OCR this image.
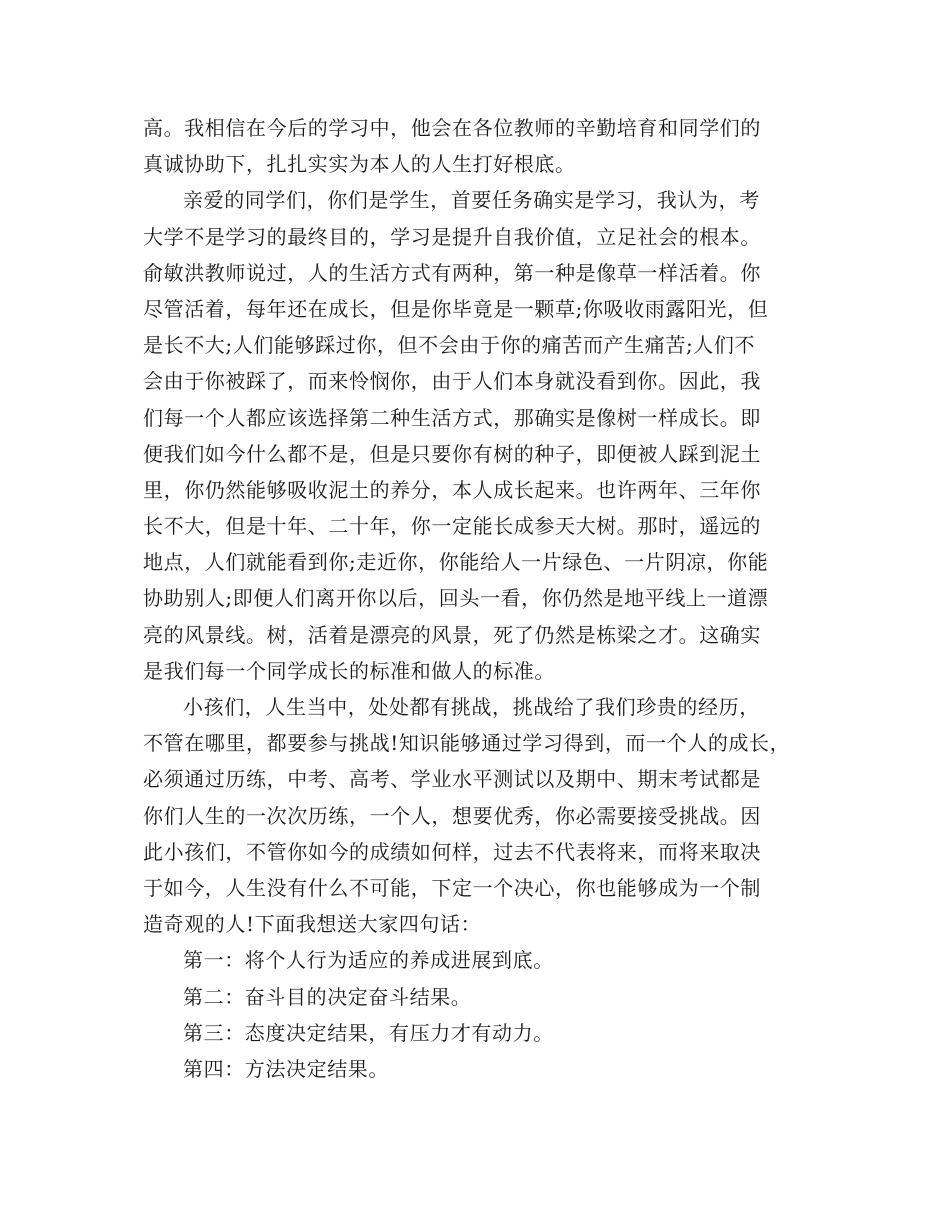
高。我相信在今后的学习中，他会在各位教师的辛勤培育和同学们的
真诚协助下，扎扎实实为本人的人生打好根底。
亲爱的同学们，你们是学生，首要任务确实是学习，我认为，考
大学不是学习的最终目的，学习是提升自我价值，立足社会的根本。
俞敏洪教师说过，人的生活方式有两种，第一种是像草一样活着。你
尽管活着，每年还在成长，但是你毕竟是一颗草;你吸收雨露阳光，但
是长不大;人们能够踩过你，但不会由于你的痛苦而产生痛苦;人们不
会由于你被踩了，而来怜悯你，由于人们本身就没看到你。因此，我
们每一个人都应该选择第二种生活方式，那确实是像树一样成长。即
便我们如今什么都不是，但是只要你有树的种子，即便被人踩到泥土
里，你仍然能够吸收泥土的养分，本人成长起来。也许两年、三年你
长不大，但是十年、二十年，你一定能长成参天大树。那时，遥远的
地点，人们就能看到你;走近你，你能给人一片绿色、一片阴凉，你能
协助别人;即便人们离开你以后，回头一看，你仍然是地平线上一道漂
亮的风景线。树，活着是漂亮的风景，死了仍然是栋梁之才。这确实
是我们每一个同学成长的标准和做人的标准。
小孩们，人生当中，处处都有挑战，挑战给了我们珍贵的经历，
不管在哪里，都要参与挑战!知识能够通过学习得到，而一个人的成长，
必须通过历练，中考、高考、学业水平测试以及期中、期末考试都是
你们人生的一次次历练，一个人，想要优秀，你必需要接受挑战。因
此小孩们，不管你如今的成绩如何样，过去不代表将来，而将来取决
于如今，人生没有什么不可能，下定一个决心，你也能够成为一个制
造奇观的人!下面我想送大家四句话：
第一：将个人行为适应的养成进展到底。
第二：奋斗目的决定奋斗结果。
第三：态度决定结果，有压力才有动力。
第四：方法决定结果。
